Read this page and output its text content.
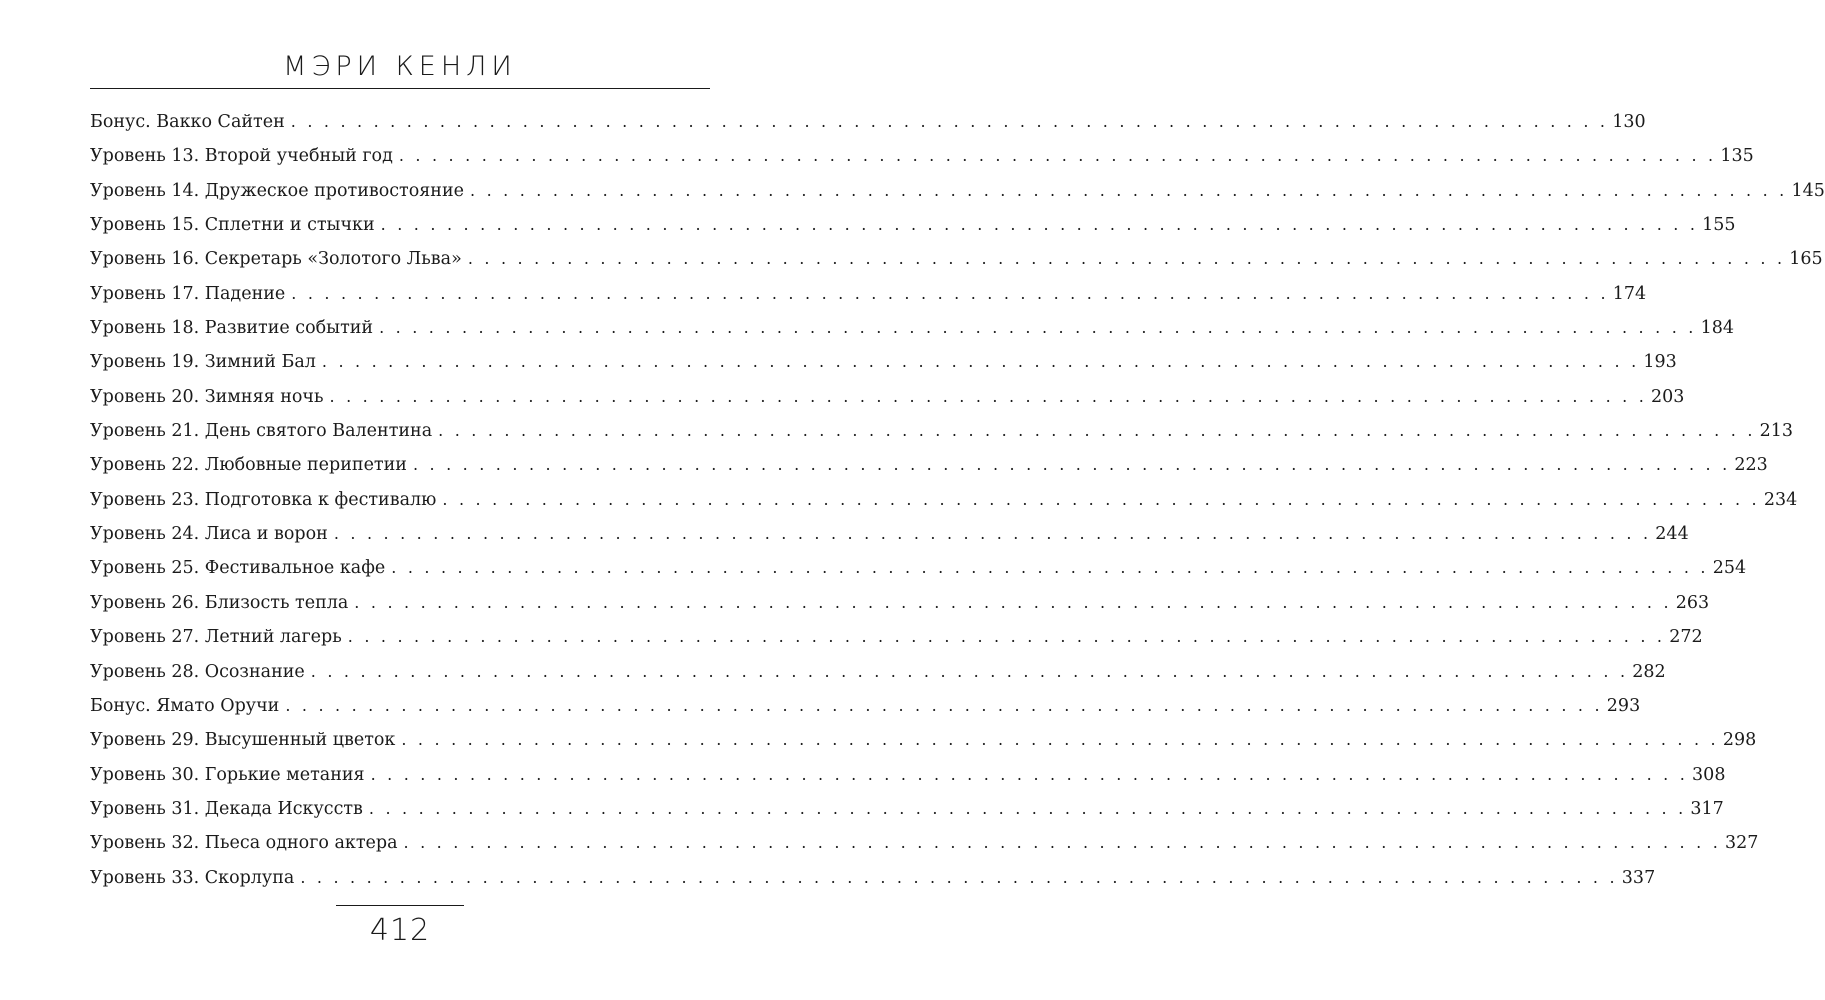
МЭРИ КЕНЛИ
Бонус. Вакко Сайтен . . . . . . . . . . . . . . . . . . . . . . . . . . . . . . . . . . . . . . . . . . . . . . . . . . . . . . . . . . . . . . . . . . . . . . . . . . . . . . . . 130
Уровень 13. Второй учебный год . . . . . . . . . . . . . . . . . . . . . . . . . . . . . . . . . . . . . . . . . . . . . . . . . . . . . . . . . . . . . . . . . . . . . . . . . . . . . . . . 135
Уровень 14. Дружеское противостояние . . . . . . . . . . . . . . . . . . . . . . . . . . . . . . . . . . . . . . . . . . . . . . . . . . . . . . . . . . . . . . . . . . . . . . . . . . . . . . . . 145
Уровень 15. Сплетни и стычки . . . . . . . . . . . . . . . . . . . . . . . . . . . . . . . . . . . . . . . . . . . . . . . . . . . . . . . . . . . . . . . . . . . . . . . . . . . . . . . . 155
Уровень 16. Секретарь «Золотого Льва» . . . . . . . . . . . . . . . . . . . . . . . . . . . . . . . . . . . . . . . . . . . . . . . . . . . . . . . . . . . . . . . . . . . . . . . . . . . . . . . . 165
Уровень 17. Падение . . . . . . . . . . . . . . . . . . . . . . . . . . . . . . . . . . . . . . . . . . . . . . . . . . . . . . . . . . . . . . . . . . . . . . . . . . . . . . . . 174
Уровень 18. Развитие событий . . . . . . . . . . . . . . . . . . . . . . . . . . . . . . . . . . . . . . . . . . . . . . . . . . . . . . . . . . . . . . . . . . . . . . . . . . . . . . . . 184
Уровень 19. Зимний Бал . . . . . . . . . . . . . . . . . . . . . . . . . . . . . . . . . . . . . . . . . . . . . . . . . . . . . . . . . . . . . . . . . . . . . . . . . . . . . . . . 193
Уровень 20. Зимняя ночь . . . . . . . . . . . . . . . . . . . . . . . . . . . . . . . . . . . . . . . . . . . . . . . . . . . . . . . . . . . . . . . . . . . . . . . . . . . . . . . . 203
Уровень 21. День святого Валентина . . . . . . . . . . . . . . . . . . . . . . . . . . . . . . . . . . . . . . . . . . . . . . . . . . . . . . . . . . . . . . . . . . . . . . . . . . . . . . . . 213
Уровень 22. Любовные перипетии . . . . . . . . . . . . . . . . . . . . . . . . . . . . . . . . . . . . . . . . . . . . . . . . . . . . . . . . . . . . . . . . . . . . . . . . . . . . . . . . 223
Уровень 23. Подготовка к фестивалю . . . . . . . . . . . . . . . . . . . . . . . . . . . . . . . . . . . . . . . . . . . . . . . . . . . . . . . . . . . . . . . . . . . . . . . . . . . . . . . . 234
Уровень 24. Лиса и ворон . . . . . . . . . . . . . . . . . . . . . . . . . . . . . . . . . . . . . . . . . . . . . . . . . . . . . . . . . . . . . . . . . . . . . . . . . . . . . . . . 244
Уровень 25. Фестивальное кафе . . . . . . . . . . . . . . . . . . . . . . . . . . . . . . . . . . . . . . . . . . . . . . . . . . . . . . . . . . . . . . . . . . . . . . . . . . . . . . . . 254
Уровень 26. Близость тепла . . . . . . . . . . . . . . . . . . . . . . . . . . . . . . . . . . . . . . . . . . . . . . . . . . . . . . . . . . . . . . . . . . . . . . . . . . . . . . . . 263
Уровень 27. Летний лагерь . . . . . . . . . . . . . . . . . . . . . . . . . . . . . . . . . . . . . . . . . . . . . . . . . . . . . . . . . . . . . . . . . . . . . . . . . . . . . . . . 272
Уровень 28. Осознание . . . . . . . . . . . . . . . . . . . . . . . . . . . . . . . . . . . . . . . . . . . . . . . . . . . . . . . . . . . . . . . . . . . . . . . . . . . . . . . . 282
Бонус. Ямато Оручи . . . . . . . . . . . . . . . . . . . . . . . . . . . . . . . . . . . . . . . . . . . . . . . . . . . . . . . . . . . . . . . . . . . . . . . . . . . . . . . . 293
Уровень 29. Высушенный цветок . . . . . . . . . . . . . . . . . . . . . . . . . . . . . . . . . . . . . . . . . . . . . . . . . . . . . . . . . . . . . . . . . . . . . . . . . . . . . . . . 298
Уровень 30. Горькие метания . . . . . . . . . . . . . . . . . . . . . . . . . . . . . . . . . . . . . . . . . . . . . . . . . . . . . . . . . . . . . . . . . . . . . . . . . . . . . . . . 308
Уровень 31. Декада Искусств . . . . . . . . . . . . . . . . . . . . . . . . . . . . . . . . . . . . . . . . . . . . . . . . . . . . . . . . . . . . . . . . . . . . . . . . . . . . . . . . 317
Уровень 32. Пьеса одного актера . . . . . . . . . . . . . . . . . . . . . . . . . . . . . . . . . . . . . . . . . . . . . . . . . . . . . . . . . . . . . . . . . . . . . . . . . . . . . . . . 327
Уровень 33. Скорлупа . . . . . . . . . . . . . . . . . . . . . . . . . . . . . . . . . . . . . . . . . . . . . . . . . . . . . . . . . . . . . . . . . . . . . . . . . . . . . . . . 337
412
